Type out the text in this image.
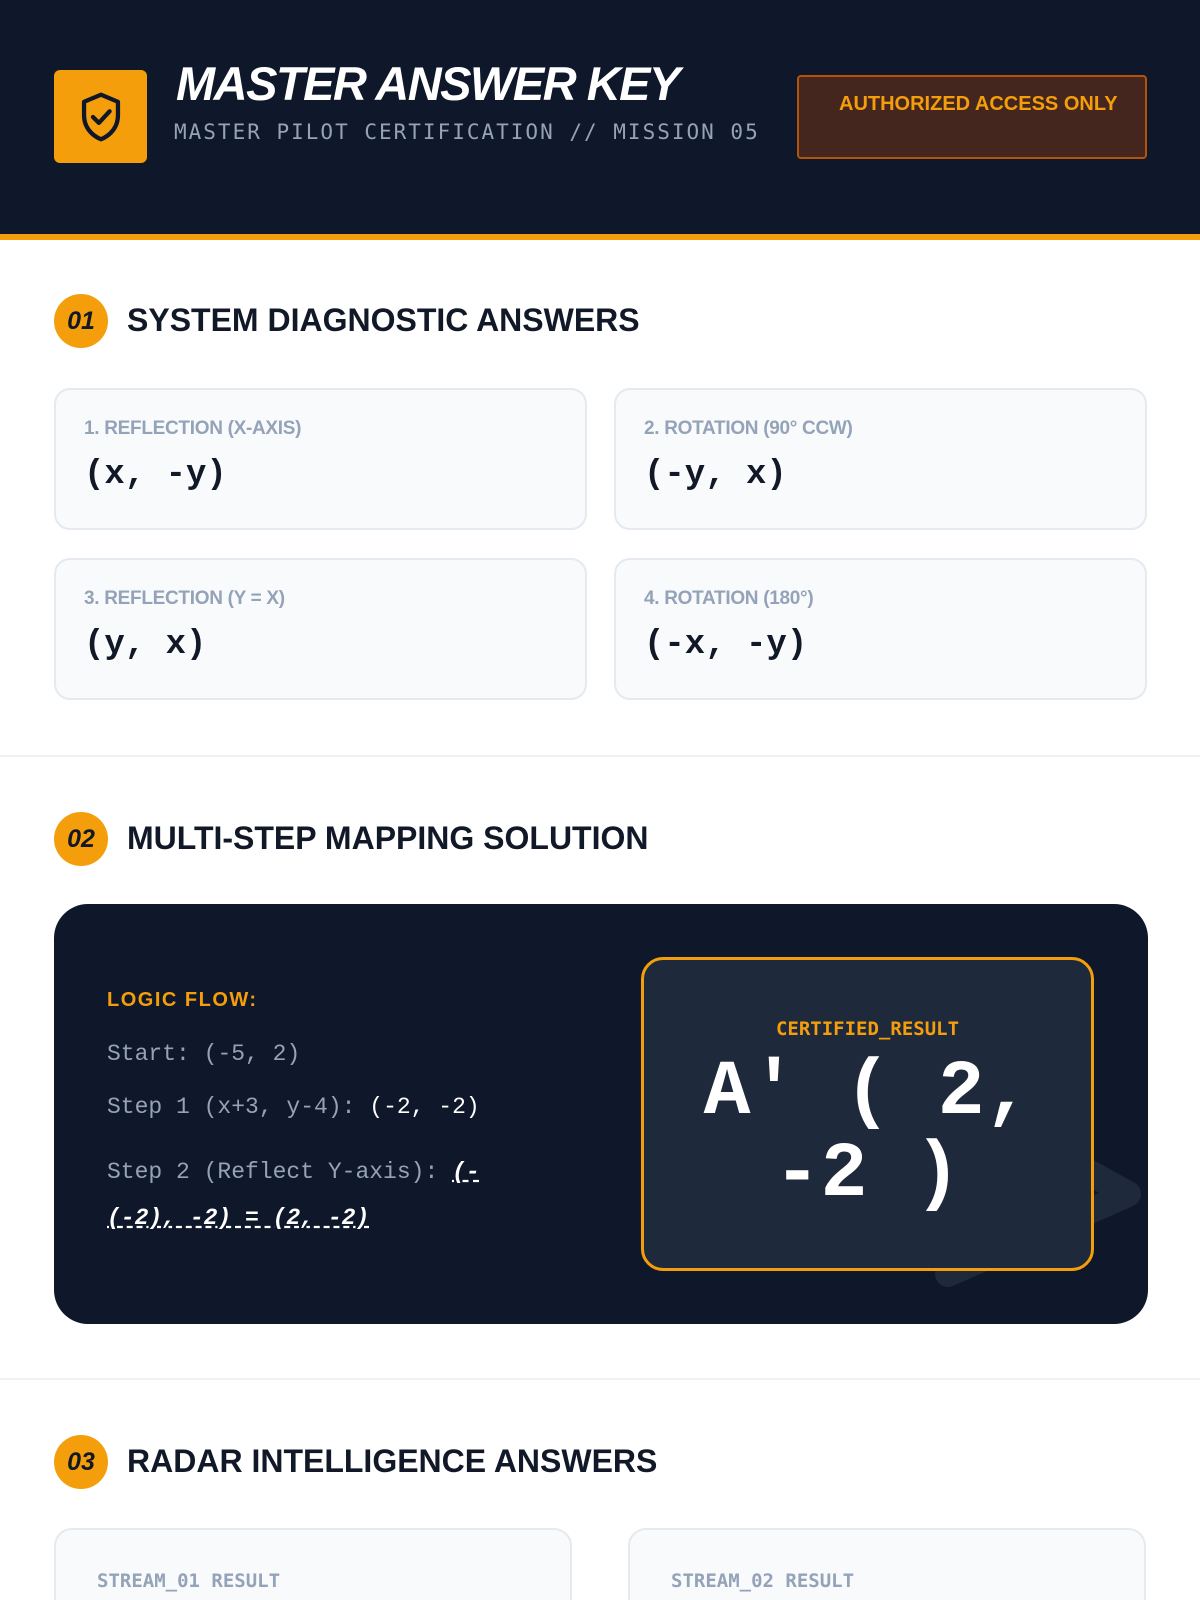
MASTER ANSWER KEY
MASTER PILOT CERTIFICATION // MISSION 05
AUTHORIZED ACCESS ONLY
01	SYSTEM DIAGNOSTIC ANSWERS
1. REFLECTION (X-AXIS)
(x, -y)
2. ROTATION (90° CCW)
(-y, x)
3. REFLECTION (Y = X)
(y, x)
4. ROTATION (180°)
(-x, -y)
02	MULTI-STEP MAPPING SOLUTION
LOGIC FLOW:
Start: (-5, 2)
Step 1 (x+3, y-4): (-2, -2)
Step 2 (Reflect Y-axis): (-(-2), -2) = (2, -2)
CERTIFIED_RESULT
A' ( 2, -2 )
03	RADAR INTELLIGENCE ANSWERS
STREAM_01 RESULT	STREAM_02 RESULT
